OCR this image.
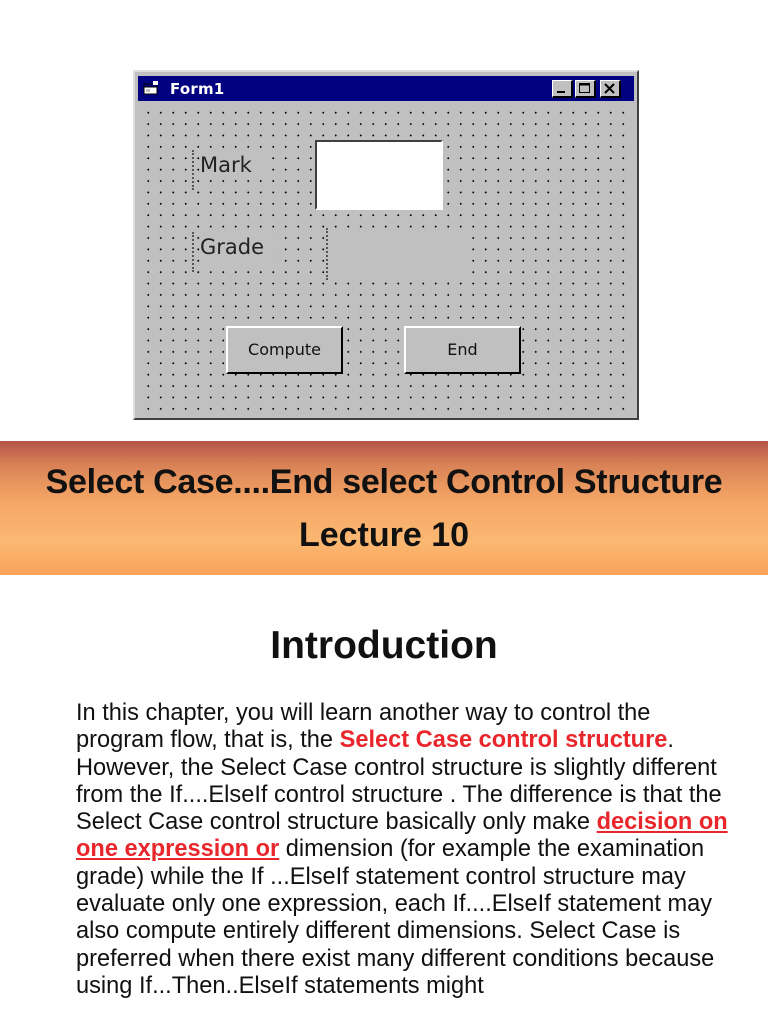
Form1
Mark
Grade
Compute	End
Select Case....End select Control Structure
Lecture 10
Introduction

In this chapter, you will learn another way to control the program flow, that is, the Select Case control structure. However, the Select Case control structure is slightly different from the If....ElseIf control structure . The difference is that the Select Case control structure basically only make decision on one expression or dimension (for example the examination grade) while the If ...ElseIf statement control structure may evaluate only one expression, each If....ElseIf statement may also compute entirely different dimensions. Select Case is preferred when there exist many different conditions because using If...Then..ElseIf statements might
